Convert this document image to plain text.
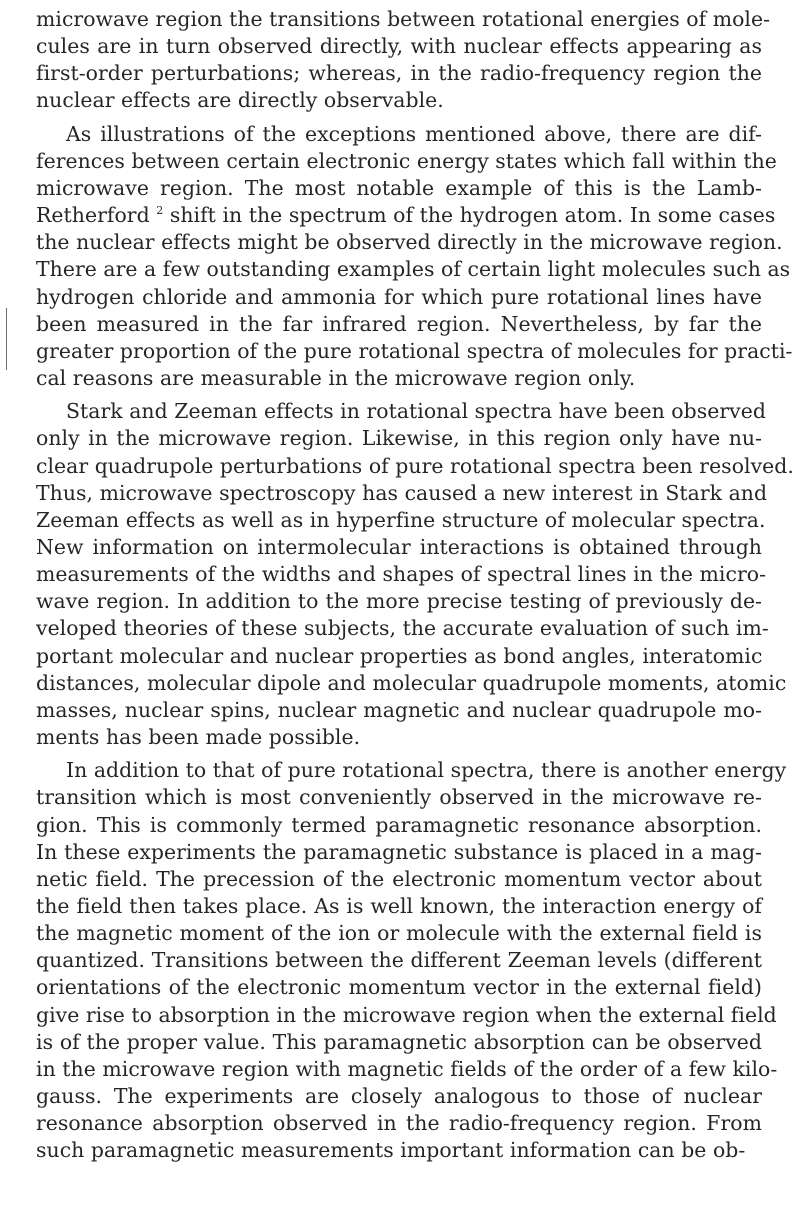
microwave region the transitions between rotational energies of mole-
cules are in turn observed directly, with nuclear effects appearing as
first-order perturbations; whereas, in the radio-frequency region the
nuclear effects are directly observable.

As illustrations of the exceptions mentioned above, there are dif-
ferences between certain electronic energy states which fall within the
microwave region. The most notable example of this is the Lamb-
Retherford $^2$ shift in the spectrum of the hydrogen atom. In some cases
the nuclear effects might be observed directly in the microwave region.
There are a few outstanding examples of certain light molecules such as
hydrogen chloride and ammonia for which pure rotational lines have
been measured in the far infrared region. Nevertheless, by far the
greater proportion of the pure rotational spectra of molecules for practi-
cal reasons are measurable in the microwave region only.

Stark and Zeeman effects in rotational spectra have been observed
only in the microwave region. Likewise, in this region only have nu-
clear quadrupole perturbations of pure rotational spectra been resolved.
Thus, microwave spectroscopy has caused a new interest in Stark and
Zeeman effects as well as in hyperfine structure of molecular spectra.
New information on intermolecular interactions is obtained through
measurements of the widths and shapes of spectral lines in the micro-
wave region. In addition to the more precise testing of previously de-
veloped theories of these subjects, the accurate evaluation of such im-
portant molecular and nuclear properties as bond angles, interatomic
distances, molecular dipole and molecular quadrupole moments, atomic
masses, nuclear spins, nuclear magnetic and nuclear quadrupole mo-
ments has been made possible.

In addition to that of pure rotational spectra, there is another energy
transition which is most conveniently observed in the microwave re-
gion. This is commonly termed paramagnetic resonance absorption.
In these experiments the paramagnetic substance is placed in a mag-
netic field. The precession of the electronic momentum vector about
the field then takes place. As is well known, the interaction energy of
the magnetic moment of the ion or molecule with the external field is
quantized. Transitions between the different Zeeman levels (different
orientations of the electronic momentum vector in the external field)
give rise to absorption in the microwave region when the external field
is of the proper value. This paramagnetic absorption can be observed
in the microwave region with magnetic fields of the order of a few kilo-
gauss. The experiments are closely analogous to those of nuclear
resonance absorption observed in the radio-frequency region. From
such paramagnetic measurements important information can be ob-
